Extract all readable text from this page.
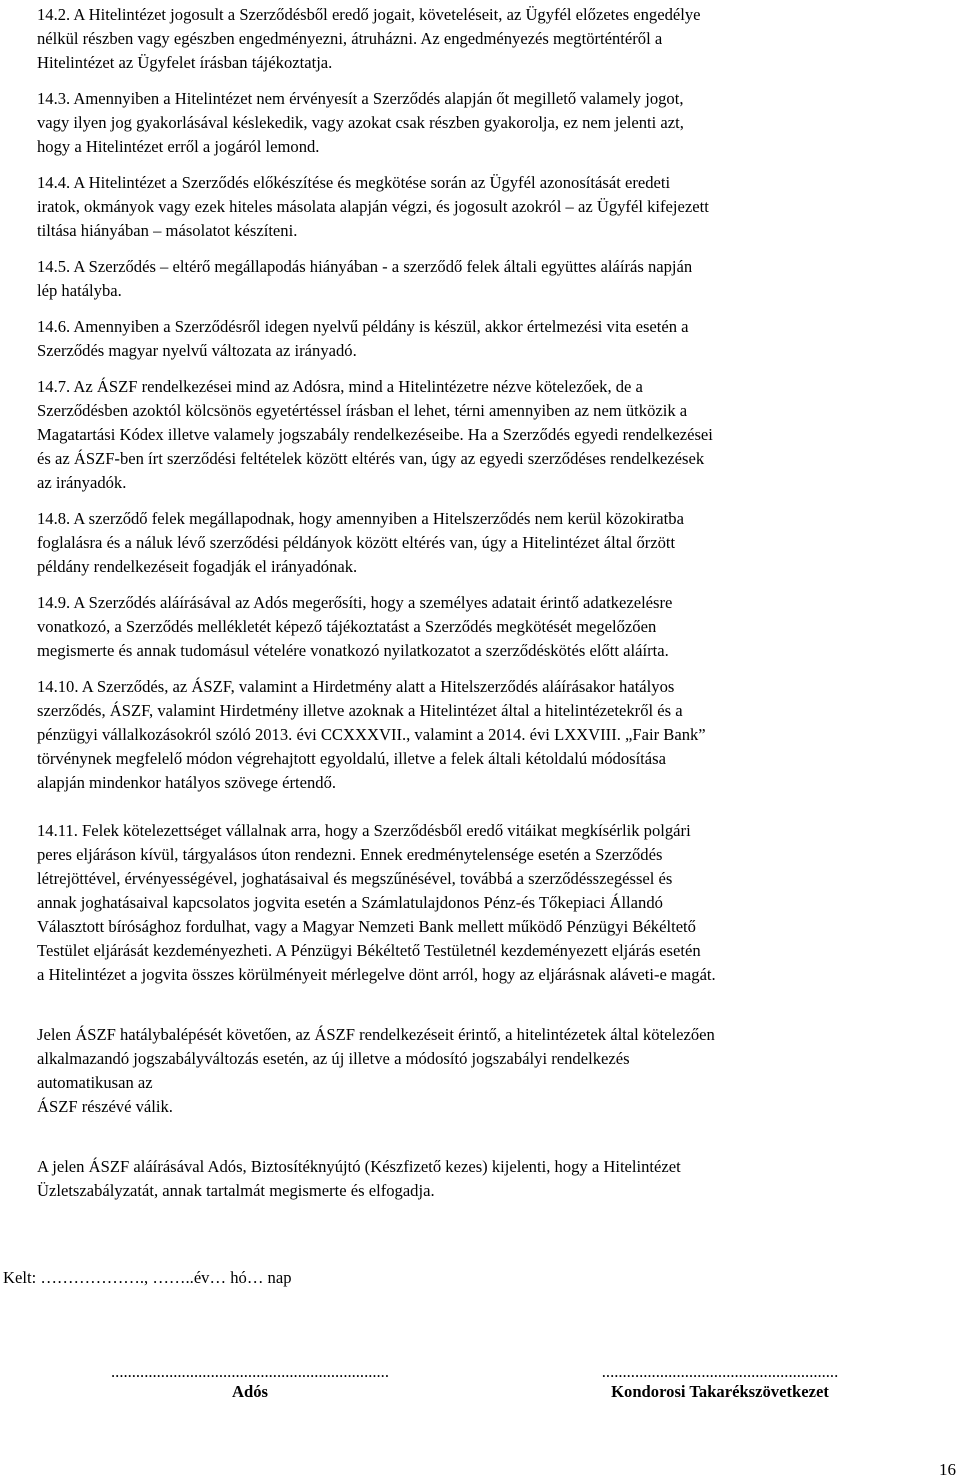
14.2. A Hitelintézet jogosult a Szerződésből eredő jogait, követeléseit, az Ügyfél előzetes engedélye
nélkül részben vagy egészben engedményezni, átruházni. Az engedményezés megtörténtéről a
Hitelintézet az Ügyfelet írásban tájékoztatja.

14.3. Amennyiben a Hitelintézet nem érvényesít a Szerződés alapján őt megillető valamely jogot,
vagy ilyen jog gyakorlásával késlekedik, vagy azokat csak részben gyakorolja, ez nem jelenti azt,
hogy a Hitelintézet erről a jogáról lemond.

14.4. A Hitelintézet a Szerződés előkészítése és megkötése során az Ügyfél azonosítását eredeti
iratok, okmányok vagy ezek hiteles másolata alapján végzi, és jogosult azokról – az Ügyfél kifejezett
tiltása hiányában – másolatot készíteni.

14.5. A Szerződés – eltérő megállapodás hiányában - a szerződő felek általi együttes aláírás napján
lép hatályba.

14.6. Amennyiben a Szerződésről idegen nyelvű példány is készül, akkor értelmezési vita esetén a
Szerződés magyar nyelvű változata az irányadó.

14.7. Az ÁSZF rendelkezései mind az Adósra, mind a Hitelintézetre nézve kötelezőek, de a
Szerződésben azoktól kölcsönös egyetértéssel írásban el lehet, térni amennyiben az nem ütközik a
Magatartási Kódex illetve valamely jogszabály rendelkezéseibe. Ha a Szerződés egyedi rendelkezései
és az ÁSZF-ben írt szerződési feltételek között eltérés van, úgy az egyedi szerződéses rendelkezések
az irányadók.

14.8. A szerződő felek megállapodnak, hogy amennyiben a Hitelszerződés nem kerül közokiratba
foglalásra és a náluk lévő szerződési példányok között eltérés van, úgy a Hitelintézet által őrzött
példány rendelkezéseit fogadják el irányadónak.

14.9. A Szerződés aláírásával az Adós megerősíti, hogy a személyes adatait érintő adatkezelésre
vonatkozó, a Szerződés mellékletét képező tájékoztatást a Szerződés megkötését megelőzően
megismerte és annak tudomásul vételére vonatkozó nyilatkozatot a szerződéskötés előtt aláírta.

14.10. A Szerződés, az ÁSZF, valamint a Hirdetmény alatt a Hitelszerződés aláírásakor hatályos
szerződés, ÁSZF, valamint Hirdetmény illetve azoknak a Hitelintézet által a hitelintézetekről és a
pénzügyi vállalkozásokról szóló 2013. évi CCXXXVII., valamint a 2014. évi LXXVIII. „Fair Bank”
törvénynek megfelelő módon végrehajtott egyoldalú, illetve a felek általi kétoldalú módosítása
alapján mindenkor hatályos szövege értendő.

14.11. Felek kötelezettséget vállalnak arra, hogy a Szerződésből eredő vitáikat megkísérlik polgári
peres eljáráson kívül, tárgyalásos úton rendezni. Ennek eredménytelensége esetén a Szerződés
létrejöttével, érvényességével, joghatásaival és megszűnésével, továbbá a szerződésszegéssel és
annak joghatásaival kapcsolatos jogvita esetén a Számlatulajdonos Pénz-és Tőkepiaci Állandó
Választott bírósághoz fordulhat, vagy a Magyar Nemzeti Bank mellett működő Pénzügyi Békéltető
Testület eljárását kezdeményezheti. A Pénzügyi Békéltető Testületnél kezdeményezett eljárás esetén
a Hitelintézet a jogvita összes körülményeit mérlegelve dönt arról, hogy az eljárásnak aláveti-e magát.

Jelen ÁSZF hatálybalépését követően, az ÁSZF rendelkezéseit érintő, a hitelintézetek által kötelezően
alkalmazandó jogszabályváltozás esetén, az új illetve a módosító jogszabályi rendelkezés
automatikusan az
ÁSZF részévé válik.

A jelen ÁSZF aláírásával Adós, Biztosítéknyújtó (Készfizető kezes) kijelenti, hogy a Hitelintézet
Üzletszabályzatát, annak tartalmát megismerte és elfogadja.

Kelt: ………………., ……..év… hó… nap
...................................................................
Adós
.........................................................
Kondorosi Takarékszövetkezet
16
